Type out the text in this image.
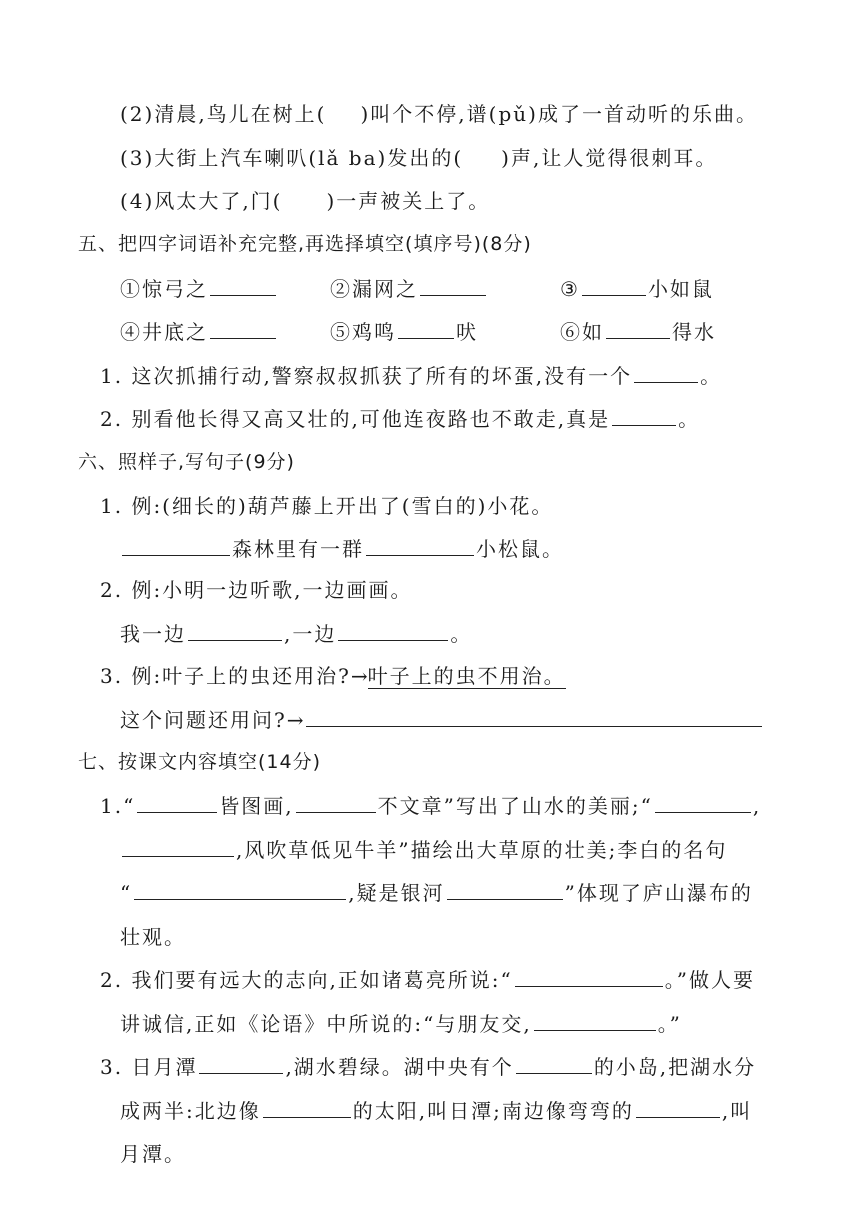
(2)清晨,鸟儿在树上( )叫个不停,谱(pǔ)成了一首动听的乐曲。
(3)大街上汽车喇叭(lǎ ba)发出的( )声,让人觉得很刺耳。
(4)风太大了,门( )一声被关上了。
五、把四字词语补充完整,再选择填空(填序号)(8分)
①惊弓之	②漏网之	③	小如鼠
④井底之	⑤鸡鸣	吠	⑥如	得水
1. 这次抓捕行动,警察叔叔抓获了所有的坏蛋,没有一个	。
2. 别看他长得又高又壮的,可他连夜路也不敢走,真是	。
六、照样子,写句子(9分)
1. 例:(细长的)葫芦藤上开出了(雪白的)小花。
森林里有一群	小松鼠。
2. 例:小明一边听歌,一边画画。
我一边	,一边	。
3. 例:叶子上的虫还用治?→叶子上的虫不用治。
这个问题还用问?→
七、按课文内容填空(14分)
1.“	皆图画,	不文章”写出了山水的美丽;“	,
,风吹草低见牛羊”描绘出大草原的壮美;李白的名句
“	,疑是银河	”体现了庐山瀑布的
壮观。
2. 我们要有远大的志向,正如诸葛亮所说:“	。”做人要
讲诚信,正如《论语》中所说的:“与朋友交,	。”
3. 日月潭	,湖水碧绿。湖中央有个	的小岛,把湖水分
成两半:北边像	的太阳,叫日潭;南边像弯弯的	,叫
月潭。
